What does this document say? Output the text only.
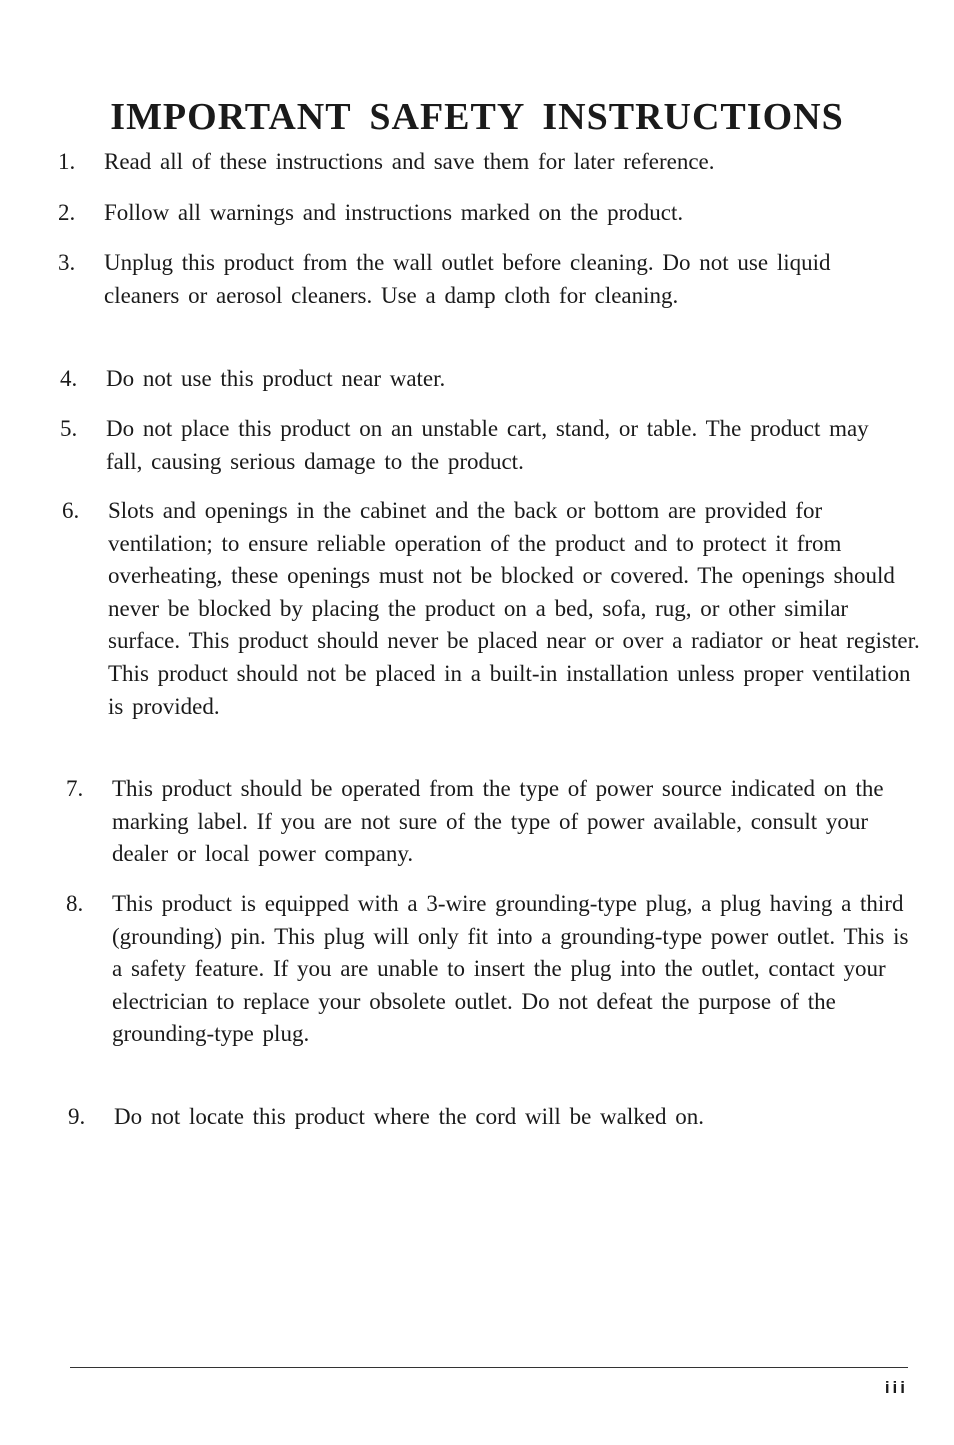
IMPORTANT SAFETY INSTRUCTIONS
1. Read all of these instructions and save them for later reference.
2. Follow all warnings and instructions marked on the product.
3. Unplug this product from the wall outlet before cleaning. Do not use liquid cleaners or aerosol cleaners. Use a damp cloth for cleaning.
4. Do not use this product near water.
5. Do not place this product on an unstable cart, stand, or table. The product may fall, causing serious damage to the product.
6. Slots and openings in the cabinet and the back or bottom are provided for ventilation; to ensure reliable operation of the product and to protect it from overheating, these openings must not be blocked or covered. The openings should never be blocked by placing the product on a bed, sofa, rug, or other similar surface. This product should never be placed near or over a radiator or heat register. This product should not be placed in a built-in installation unless proper ventilation is provided.
7. This product should be operated from the type of power source indicated on the marking label. If you are not sure of the type of power available, consult your dealer or local power company.
8. This product is equipped with a 3-wire grounding-type plug, a plug having a third (grounding) pin. This plug will only fit into a grounding-type power outlet. This is a safety feature. If you are unable to insert the plug into the outlet, contact your electrician to replace your obsolete outlet. Do not defeat the purpose of the grounding-type plug.
9. Do not locate this product where the cord will be walked on.
iii
